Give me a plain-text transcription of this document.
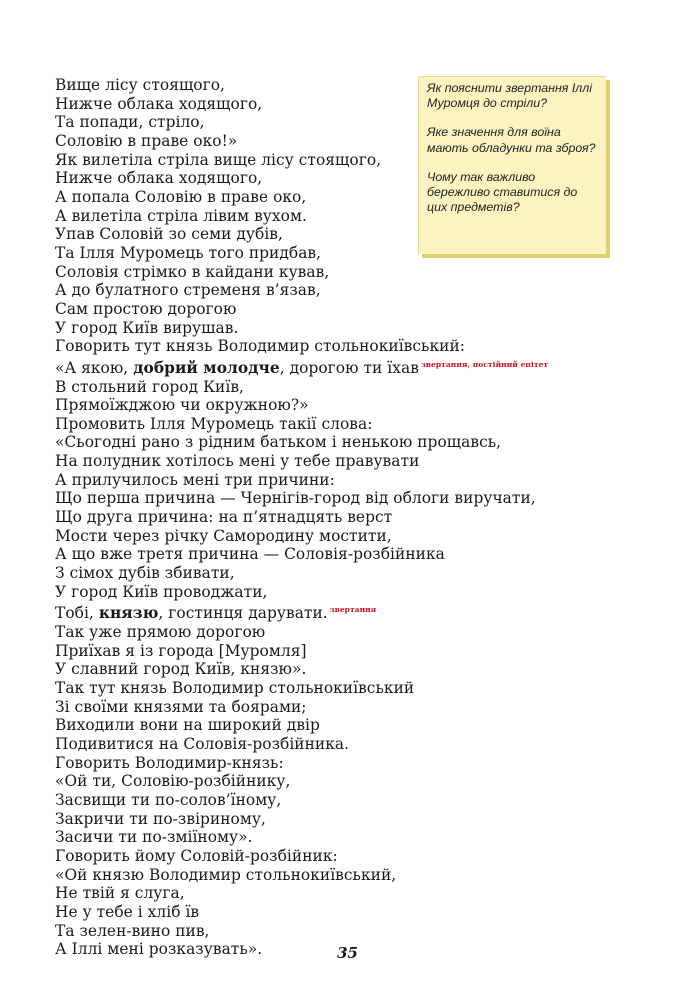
Вище лісу стоящого,
Нижче облака ходящого,
Та попади, стріло,
Соловію в праве око!»
Як вилетіла стріла вище лісу стоящого,
Нижче облака ходящого,
А попала Соловію в праве око,
А вилетіла стріла лівим вухом.
Упав Соловій зо семи дубів,
Та Ілля Муромець того придбав,
Соловія стрімко в кайдани кував,
А до булатного стременя в’язав,
Сам простою дорогою
У город Київ вирушав.
Говорить тут князь Володимир стольнокиївський:
«А якою, добрий молодче, дорогою ти їхав $^{звертання, постійний епітет}$
В стольний город Київ,
Прямоїжджою чи окружною?»
Промовить Ілля Муромець такії слова:
«Сьогодні рано з рідним батьком і ненькою прощавсь,
На полудник хотілось мені у тебе правувати
А прилучилось мені три причини:
Що перша причина — Чернігів-город від облоги виручати,
Що друга причина: на п’ятнадцять верст
Мости через річку Самородину мостити,
А що вже третя причина — Соловія-розбійника
З сімох дубів збивати,
У город Київ проводжати,
Тобі, князю, гостинця дарувати. $^{звертання}$
Так уже прямою дорогою
Приїхав я із города [Муромля]
У славний город Київ, князю».
Так тут князь Володимир стольнокиївський
Зі своїми князями та боярами;
Виходили вони на широкий двір
Подивитися на Соловія-розбійника.
Говорить Володимир-князь:
«Ой ти, Соловію-розбійнику,
Засвищи ти по-солов’їному,
Закричи ти по-звіриному,
Засичи ти по-зміїному».
Говорить йому Соловій-розбійник:
«Ой князю Володимир стольнокиївський,
Не твій я слуга,
Не у тебе і хліб їв
Та зелен-вино пив,
А Іллі мені розказувать».

Як пояснити звертання Іллі Муромця до стріли?

Яке значення для воїна мають обладунки та зброя?

Чому так важливо бережливо ставитися до цих предметів?

35
